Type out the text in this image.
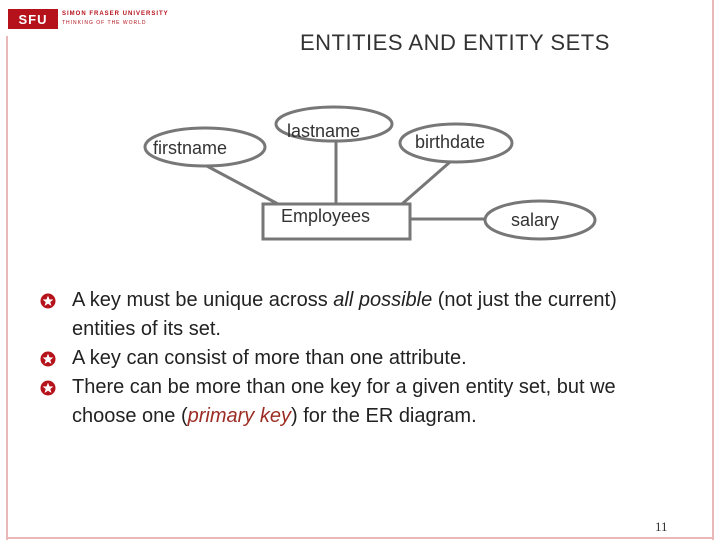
SFU	SIMON FRASER UNIVERSITY
THINKING OF THE WORLD
ENTITIES AND ENTITY SETS
firstname
lastname
birthdate
salary
Employees
A key must be unique across all possible (not just the current) entities of its set.
A key can consist of more than one attribute.
There can be more than one key for a given entity set, but we choose one (primary key) for the ER diagram.
11
